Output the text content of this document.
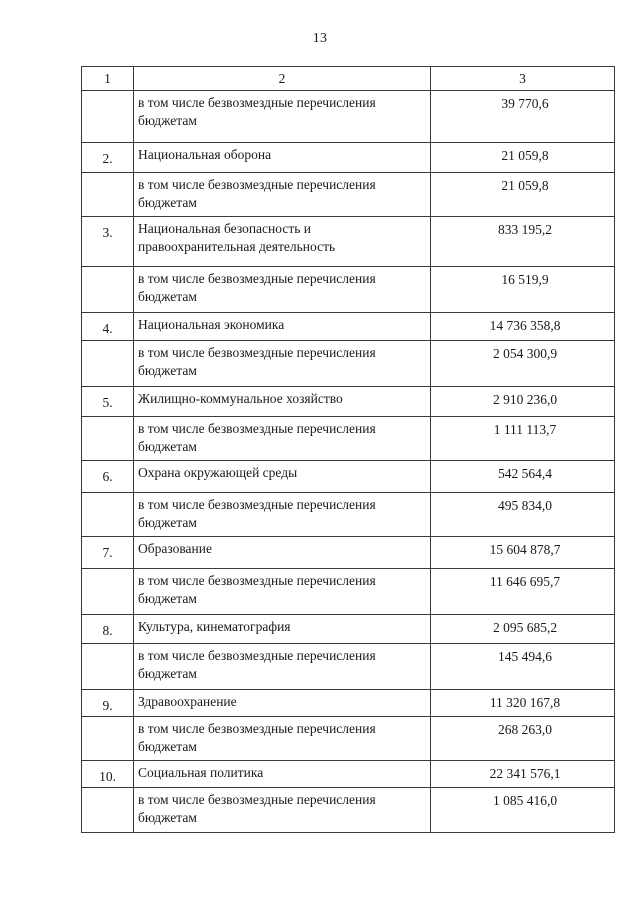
13
1	2	3
	в том числе безвозмездные перечисления бюджетам	39 770,6
2.	Национальная оборона	21 059,8
	в том числе безвозмездные перечисления бюджетам	21 059,8
3.	Национальная безопасность и правоохранительная деятельность	833 195,2
	в том числе безвозмездные перечисления бюджетам	16 519,9
4.	Национальная экономика	14 736 358,8
	в том числе безвозмездные перечисления бюджетам	2 054 300,9
5.	Жилищно-коммунальное хозяйство	2 910 236,0
	в том числе безвозмездные перечисления бюджетам	1 111 113,7
6.	Охрана окружающей среды	542 564,4
	в том числе безвозмездные перечисления бюджетам	495 834,0
7.	Образование	15 604 878,7
	в том числе безвозмездные перечисления бюджетам	11 646 695,7
8.	Культура, кинематография	2 095 685,2
	в том числе безвозмездные перечисления бюджетам	145 494,6
9.	Здравоохранение	11 320 167,8
	в том числе безвозмездные перечисления бюджетам	268 263,0
10.	Социальная политика	22 341 576,1
	в том числе безвозмездные перечисления бюджетам	1 085 416,0
